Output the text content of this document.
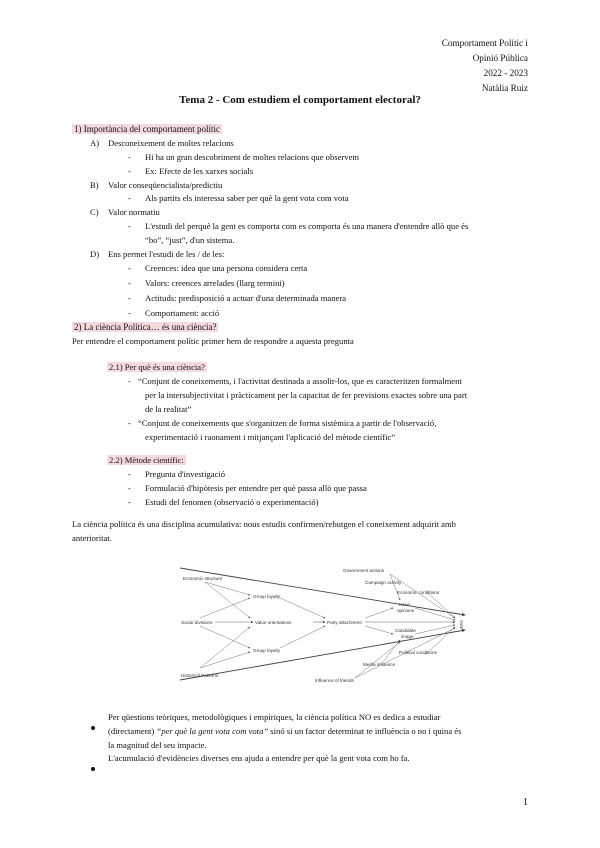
Comportament Polític i
Opinió Pública
2022 - 2023
Natàlia Ruiz
Tema 2 - Com estudiem el comportament electoral?
1) Importància del comportament polític
A) Desconeixement de moltes relacions
- Hi ha un gran descobriment de moltes relacions que observem
- Ex: Efecte de les xarxes socials
B) Valor conseqüencialista/predictiu
- Als partits els interessa saber per què la gent vota com vota
C) Valor normatiu
- L'estudi del perquè la gent es comporta com es comporta és una manera d'entendre allò que és
“bo”, “just”, d'un sistema.
D) Ens permet l'estudi de les / de les:
- Creences: idea que una persona considera certa
- Valors: creences arrelades (llarg termini)
- Actituds: predisposició a actuar d'una determinada manera
- Comportament: acció
2) La ciència Política… és una ciència?
Per entendre el comportament polític primer hem de respondre a aquesta pregunta
2.1) Per què és una ciència?
- “Conjunt de coneixements, i l'activitat destinada a assolir-los, que es caracteritzen formalment
per la intersubjectivitat i pràcticament per la capacitat de fer previsions exactes sobre una part
de la realitat”
- “Conjunt de coneixements que s'organitzen de forma sistèmica a partir de l'observació,
experimentació i raonament i mitjançant l'aplicació del mètode científic”
2.2) Mètode científic:
- Pregunta d'investigació
- Formulació d'hipòtesis per entendre per què passa allò que passa
- Estudi del fenomen (observació o experimentació)
La ciència política és una disciplina acumulativa: nous estudis confirmen/rebutgen el coneixement adquirit amb
anterioritat.
Economic structure
Group loyalty
Social divisions	Value orientations	Party attachment
Group loyalty
Historical Patterns
Government actions
Campaign activity
Economic conditions
Issue
opinions
Candidate
image
Political conditions
Media influence
Influence of friends
Vote
Per qüestions teòriques, metodològiques i empíriques, la ciència política NO es dedica a estudiar
(directament) “per què la gent vota com vota” sinó si un factor determinat te influència o no i quina és
la magnitud del seu impacte.
L'acumulació d'evidències diverses ens ajuda a entendre per què la gent vota com ho fa.
1
